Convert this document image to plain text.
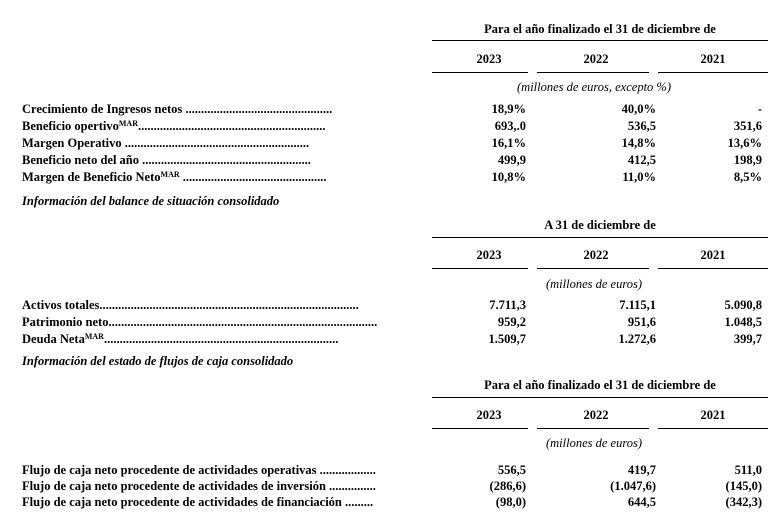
Para el año finalizado el 31 de diciembre de
2023	2022	2021
(millones de euros, excepto %)
Crecimiento de Ingresos netos ...............................................	18,9%	40,0%	-
Beneficio opertivo$^{MAR}$............................................................	693,.0	536,5	351,6
Margen Operativo ...........................................................	16,1%	14,8%	13,6%
Beneficio neto del año ......................................................	499,9	412,5	198,9
Margen de Beneficio Neto$^{MAR}$ ..............................................	10,8%	11,0%	8,5%
Información del balance de situación consolidado
A 31 de diciembre de
2023	2022	2021
(millones de euros)
Activos totales...................................................................................	7.711,3	7.115,1	5.090,8
Patrimonio neto......................................................................................	959,2	951,6	1.048,5
Deuda Neta$^{MAR}$...........................................................................	1.509,7	1.272,6	399,7
Información del estado de flujos de caja consolidado
Para el año finalizado el 31 de diciembre de
2023	2022	2021
(millones de euros)
Flujo de caja neto procedente de actividades operativas ..................	556,5	419,7	511,0
Flujo de caja neto procedente de actividades de inversión ...............	(286,6)	(1.047,6)	(145,0)
Flujo de caja neto procedente de actividades de financiación .........	(98,0)	644,5	(342,3)
